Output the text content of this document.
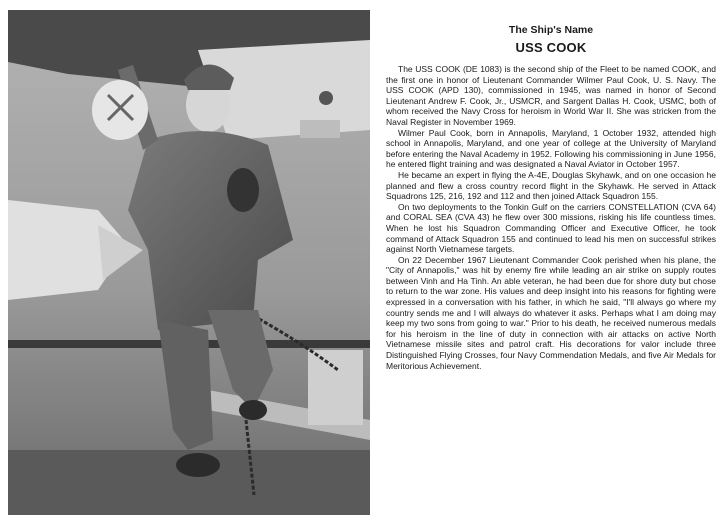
The Ship's Name

USS COOK

The USS COOK (DE 1083) is the second ship of the Fleet to be named COOK, and the first one in honor of Lieutenant Commander Wilmer Paul Cook, U. S. Navy. The USS COOK (APD 130), commissioned in 1945, was named in honor of Second Lieutenant Andrew F. Cook, Jr., USMCR, and Sargent Dallas H. Cook, USMC, both of whom received the Navy Cross for heroism in World War II. She was stricken from the Naval Register in November 1969.

Wilmer Paul Cook, born in Annapolis, Maryland, 1 October 1932, attended high school in Annapolis, Maryland, and one year of college at the University of Maryland before entering the Naval Academy in 1952. Following his commissioning in June 1956, he entered flight training and was designated a Naval Aviator in October 1957.

He became an expert in flying the A-4E, Douglas Skyhawk, and on one occasion he planned and flew a cross country record flight in the Skyhawk. He served in Attack Squadrons 125, 216, 192 and 112 and then joined Attack Squadron 155.

On two deployments to the Tonkin Gulf on the carriers CONSTELLATION (CVA 64) and CORAL SEA (CVA 43) he flew over 300 missions, risking his life countless times. When he lost his Squadron Commanding Officer and Executive Officer, he took command of Attack Squadron 155 and continued to lead his men on successful strikes against North Vietnamese targets.

On 22 December 1967 Lieutenant Commander Cook perished when his plane, the "City of Annapolis," was hit by enemy fire while leading an air strike on supply routes between Vinh and Ha Tinh. An able veteran, he had been due for shore duty but chose to return to the war zone. His values and deep insight into his reasons for fighting were expressed in a conversation with his father, in which he said, "I'll always go where my country sends me and I will always do whatever it asks. Perhaps what I am doing may keep my two sons from going to war." Prior to his death, he received numerous medals for his heroism in the line of duty in connection with air attacks on active North Vietnamese missile sites and patrol craft. His decorations for valor include three Distinguished Flying Crosses, four Navy Commendation Medals, and five Air Medals for Meritorious Achievement.
